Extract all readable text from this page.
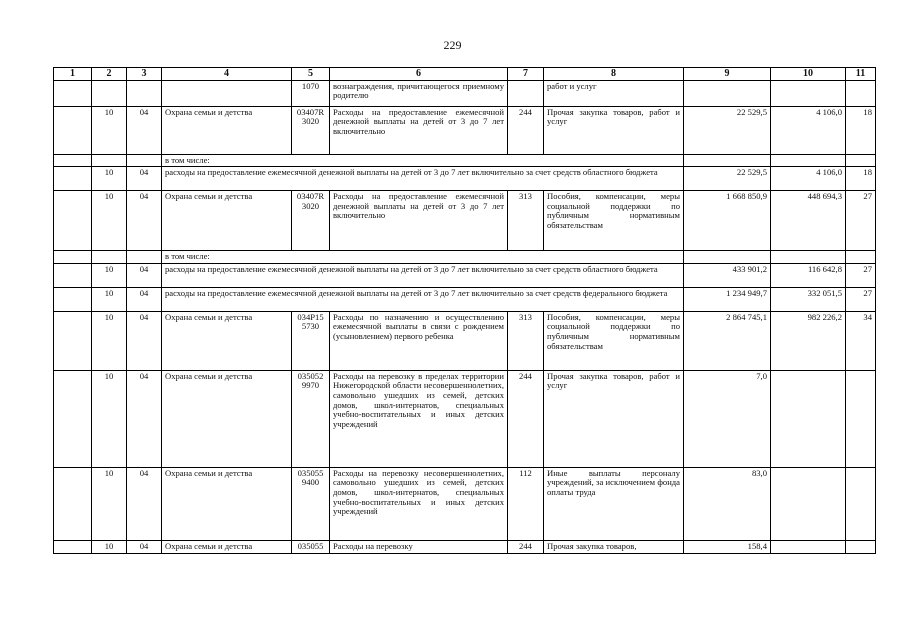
229
1	2	3	4	5	6	7	8	9	10	11
				1070	вознаграждения, причитающегося приемному родителю		работ и услуг			
	10	04	Охрана семьи и детства	03407R 3020	Расходы на предоставление ежемесячной денежной выплаты на детей от 3 до 7 лет включительно	244	Прочая закупка товаров, работ и услуг	22 529,5	4 106,0	18
			в том числе:							
	10	04	расходы на предоставление ежемесячной денежной выплаты на детей от 3 до 7 лет включительно за счет средств областного бюджета					22 529,5	4 106,0	18
	10	04	Охрана семьи и детства	03407R 3020	Расходы на предоставление ежемесячной денежной выплаты на детей от 3 до 7 лет включительно	313	Пособия, компенсации, меры социальной поддержки по публичным нормативным обязательствам	1 668 850,9	448 694,3	27
			в том числе:							
	10	04	расходы на предоставление ежемесячной денежной выплаты на детей от 3 до 7 лет включительно за счет средств областного бюджета					433 901,2	116 642,8	27
	10	04	расходы на предоставление ежемесячной денежной выплаты на детей от 3 до 7 лет включительно за счет средств федерального бюджета					1 234 949,7	332 051,5	27
	10	04	Охрана семьи и детства	034P15 5730	Расходы по назначению и осуществлению ежемесячной выплаты в связи с рождением (усыновлением) первого ребенка	313	Пособия, компенсации, меры социальной поддержки по публичным нормативным обязательствам	2 864 745,1	982 226,2	34
	10	04	Охрана семьи и детства	035052 9970	Расходы на перевозку в пределах территории Нижегородской области несовершеннолетних, самовольно ушедших из семей, детских домов, школ-интернатов, специальных учебно-воспитательных и иных детских учреждений	244	Прочая закупка товаров, работ и услуг	7,0		
	10	04	Охрана семьи и детства	035055 9400	Расходы на перевозку несовершеннолетних, самовольно ушедших из семей, детских домов, школ-интернатов, специальных учебно-воспитательных и иных детских учреждений	112	Иные выплаты персоналу учреждений, за исключением фонда оплаты труда	83,0		
	10	04	Охрана семьи и детства	035055	Расходы на перевозку	244	Прочая закупка товаров,	158,4		
